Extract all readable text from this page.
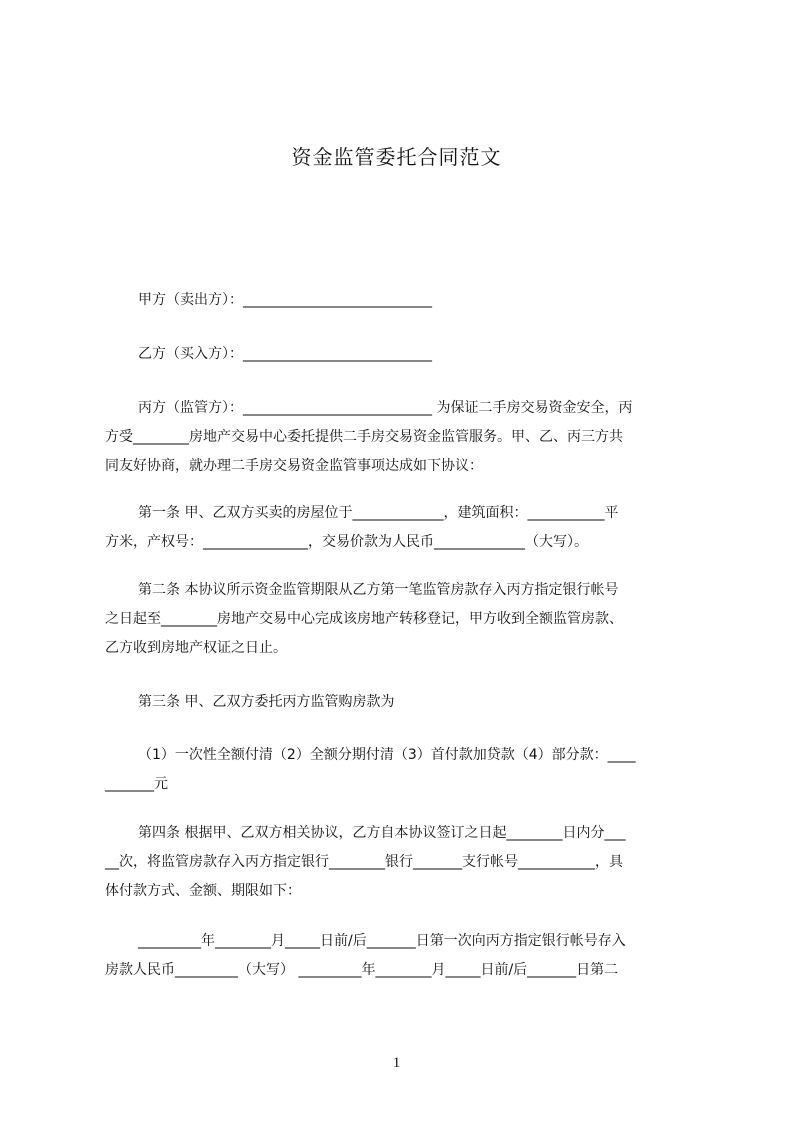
资金监管委托合同范文
甲方（卖出方）：___________________________
乙方（买入方）：___________________________
丙方（监管方）：___________________________ 为保证二手房交易资金安全，丙
方受________房地产交易中心委托提供二手房交易资金监管服务。甲、乙、丙三方共
同友好协商，就办理二手房交易资金监管事项达成如下协议：
第一条 甲、乙双方买卖的房屋位于_____________，建筑面积：___________平
方米，产权号：_______________，交易价款为人民币_____________（大写）。
第二条 本协议所示资金监管期限从乙方第一笔监管房款存入丙方指定银行帐号
之日起至________房地产交易中心完成该房地产转移登记，甲方收到全额监管房款、
乙方收到房地产权证之日止。
第三条 甲、乙双方委托丙方监管购房款为
（1）一次性全额付清（2）全额分期付清（3）首付款加贷款（4）部分款：____
_______元
第四条 根据甲、乙双方相关协议，乙方自本协议签订之日起________日内分___
__次，将监管房款存入丙方指定银行________银行_______支行帐号___________，具
体付款方式、金额、期限如下：
_________年________月_____日前/后_______日第一次向丙方指定银行帐号存入
房款人民币_________（大写） _________年________月_____日前/后_______日第二
1
